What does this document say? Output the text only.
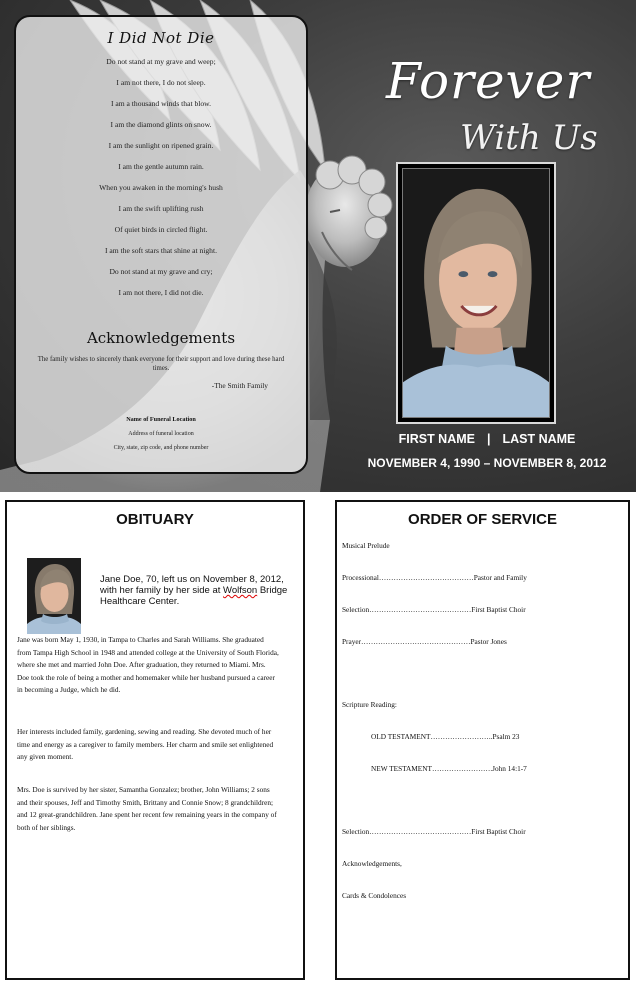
I Did Not Die
Do not stand at my grave and weep;
I am not there, I do not sleep.
I am a thousand winds that blow.
I am the diamond glints on snow.
I am the sunlight on ripened grain.
I am the gentle autumn rain.
When you awaken in the morning's hush
I am the swift uplifting rush
Of quiet birds in circled flight.
I am the soft stars that shine at night.
Do not stand at my grave and cry;
I am not there, I did not die.
Acknowledgements
The family wishes to sincerely thank everyone for their support and love during these hard times.
-The Smith Family
Name of Funeral Location
Address of funeral location
City, state, zip code, and phone number
Forever
With Us
FIRST NAME | LAST NAME
NOVEMBER 4, 1990 – NOVEMBER 8, 2012
OBITUARY

Jane Doe, 70, left us on November 8, 2012, with her family by her side at Wolfson Bridge Healthcare Center.

Jane was born May 1, 1930, in Tampa to Charles and Sarah Williams. She graduated from Tampa High School in 1948 and attended college at the University of South Florida, where she met and married John Doe. After graduation, they returned to Miami. Mrs. Doe took the role of being a mother and homemaker while her husband pursued a career in becoming a Judge, which he did.

Her interests included family, gardening, sewing and reading. She devoted much of her time and energy as a caregiver to family members. Her charm and smile set enlightened any given moment.

Mrs. Doe is survived by her sister, Samantha Gonzalez; brother, John Williams; 2 sons and their spouses, Jeff and Timothy Smith, Brittany and Connie Snow; 8 grandchildren; and 12 great-grandchildren. Jane spent her recent few remaining years in the company of both of her siblings.

ORDER OF SERVICE
Musical Prelude
Processional…………………………………Pastor and Family
Selection……………………………………First Baptist Choir
Prayer………………………………………Pastor Jones
Scripture Reading:
OLD TESTAMENT……………………..Psalm 23
NEW TESTAMENT…………………….John 14:1-7
Selection……………………………………First Baptist Choir
Acknowledgements,
Cards & Condolences
